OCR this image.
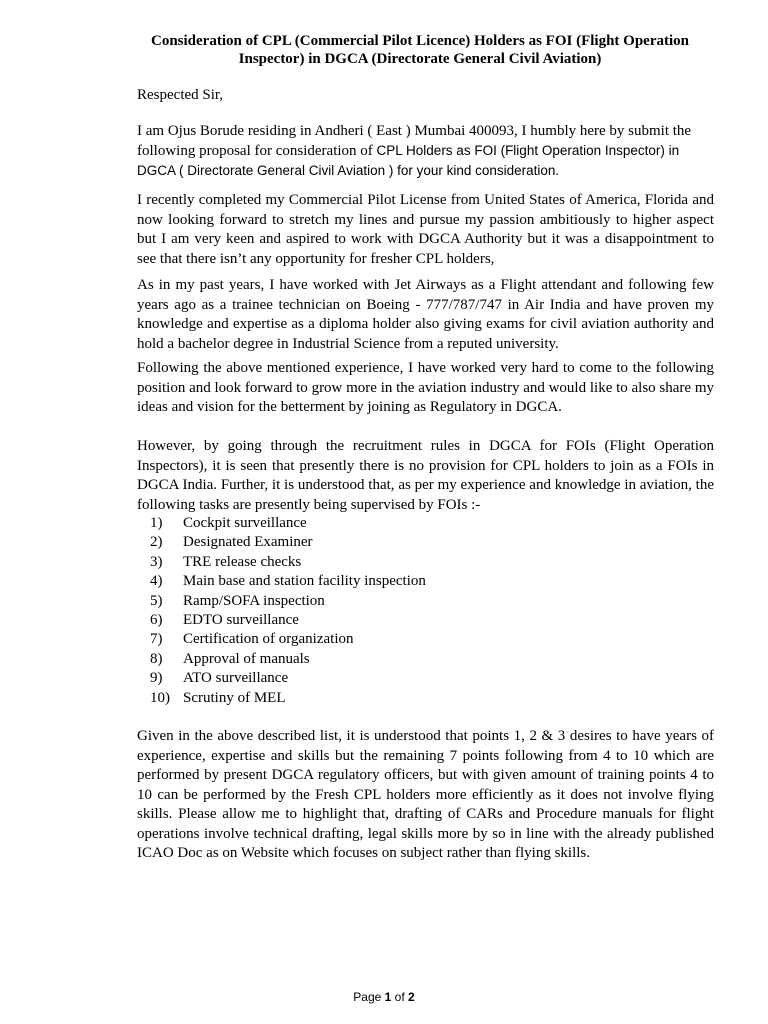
Consideration of CPL (Commercial Pilot Licence) Holders as FOI (Flight Operation Inspector) in DGCA (Directorate General Civil Aviation)

Respected Sir,

I am Ojus Borude residing in Andheri ( East ) Mumbai 400093, I humbly here by submit the
following proposal for consideration of CPL Holders as FOI (Flight Operation Inspector) in
DGCA ( Directorate General Civil Aviation ) for your kind consideration.

I recently completed my Commercial Pilot License from United States of America, Florida and now looking forward to stretch my lines and pursue my passion ambitiously to higher aspect but I am very keen and aspired to work with DGCA Authority but it was a disappointment to see that there isn’t any opportunity for fresher CPL holders,

As in my past years, I have worked with Jet Airways as a Flight attendant and following few years ago as a trainee technician on Boeing - 777/787/747 in Air India and have proven my knowledge and expertise as a diploma holder also giving exams for civil aviation authority and hold a bachelor degree in Industrial Science from a reputed university.

Following the above mentioned experience, I have worked very hard to come to the following position and look forward to grow more in the aviation industry and would like to also share my ideas and vision for the betterment by joining as Regulatory in DGCA.

However, by going through the recruitment rules in DGCA for FOIs (Flight Operation Inspectors), it is seen that presently there is no provision for CPL holders to join as a FOIs in DGCA India. Further, it is understood that, as per my experience and knowledge in aviation, the following tasks are presently being supervised by FOIs :-

1)	Cockpit surveillance
2)	Designated Examiner
3)	TRE release checks
4)	Main base and station facility inspection
5)	Ramp/SOFA inspection
6)	EDTO surveillance
7)	Certification of organization
8)	Approval of manuals
9)	ATO surveillance
10) Scrutiny of MEL

Given in the above described list, it is understood that points 1, 2 & 3 desires to have years of experience, expertise and skills but the remaining 7 points following from 4 to 10 which are performed by present DGCA regulatory officers, but with given amount of training points 4 to 10 can be performed by the Fresh CPL holders more efficiently as it does not involve flying skills. Please allow me to highlight that, drafting of CARs and Procedure manuals for flight operations involve technical drafting, legal skills more by so in line with the already published ICAO Doc as on Website which focuses on subject rather than flying skills.

Page 1 of 2
